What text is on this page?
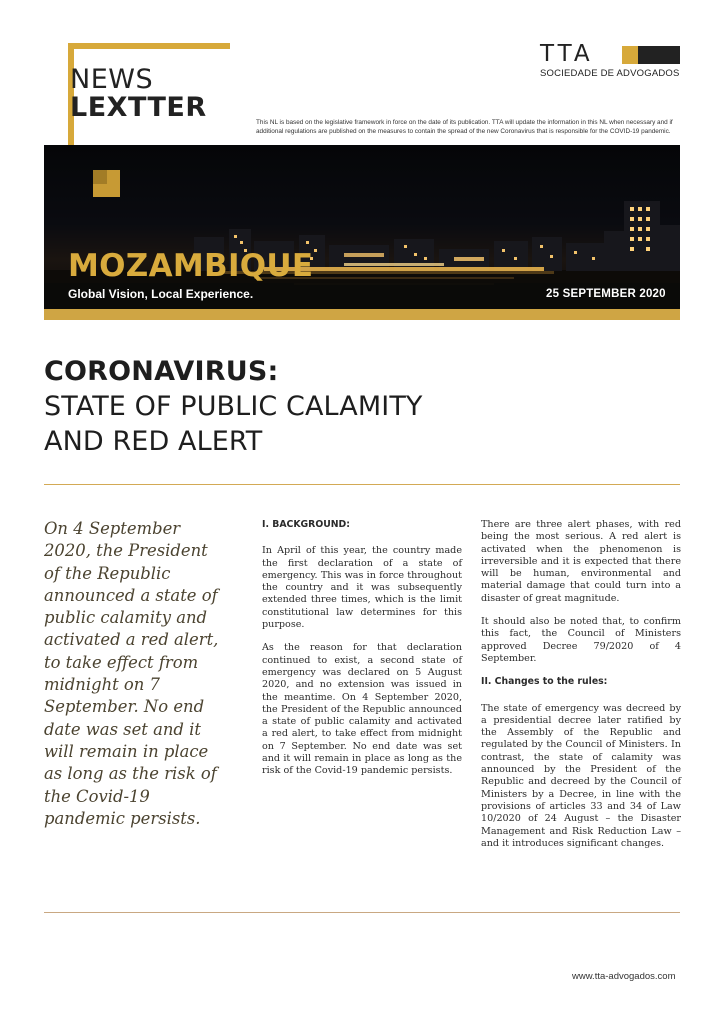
NEWS
LEXTTER
TTA
SOCIEDADE DE ADVOGADOS
This NL is based on the legislative framework in force on the date of its publication. TTA will update the information in this NL when necessary and if additional regulations are published on the measures to contain the spread of the new Coronavirus that is responsible for the COVID-19 pandemic.
MOZAMBIQUE
Global Vision, Local Experience.	25 SEPTEMBER 2020
CORONAVIRUS:
STATE OF PUBLIC CALAMITY
AND RED ALERT
On 4 September 2020, the President of the Republic announced a state of public calamity and activated a red alert, to take effect from midnight on 7 September. No end date was set and it will remain in place as long as the risk of the Covid-19 pandemic persists.

I. BACKGROUND:

In April of this year, the country made the first declaration of a state of emergency. This was in force throughout the country and it was subsequently extended three times, which is the limit constitutional law determines for this purpose.

As the reason for that declaration continued to exist, a second state of emergency was declared on 5 August 2020, and no extension was issued in the meantime. On 4 September 2020, the President of the Republic announced a state of public calamity and activated a red alert, to take effect from midnight on 7 September. No end date was set and it will remain in place as long as the risk of the Covid-19 pandemic persists.

There are three alert phases, with red being the most serious. A red alert is activated when the phenomenon is irreversible and it is expected that there will be human, environmental and material damage that could turn into a disaster of great magnitude.

It should also be noted that, to confirm this fact, the Council of Ministers approved Decree 79/2020 of 4 September.

II. Changes to the rules:

The state of emergency was decreed by a presidential decree later ratified by the Assembly of the Republic and regulated by the Council of Ministers. In contrast, the state of calamity was announced by the President of the Republic and decreed by the Council of Ministers by a Decree, in line with the provisions of articles 33 and 34 of Law 10/2020 of 24 August – the Disaster Management and Risk Reduction Law – and it introduces significant changes.

www.tta-advogados.com
